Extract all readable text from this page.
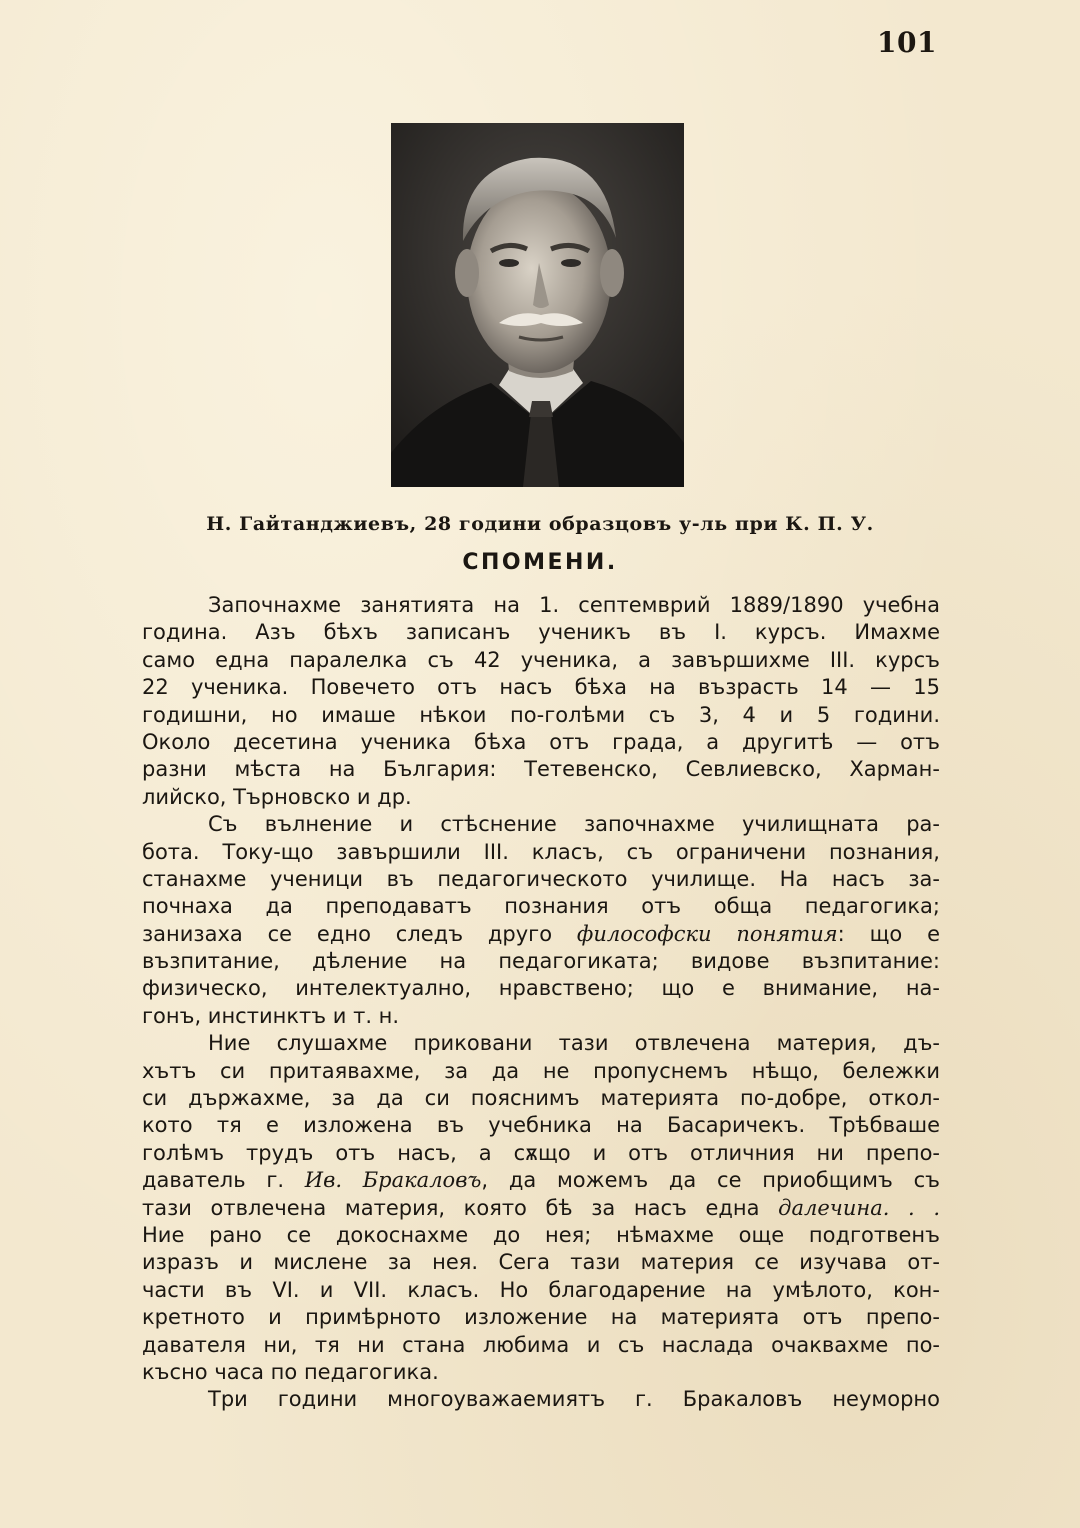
101
Н. Гайтанджиевъ, 28 години образцовъ у-ль при К. П. У.
СПОМЕНИ.
Започнахме занятията на 1. септемврий 1889/1890 учебна
година. Азъ бѣхъ записанъ ученикъ въ I. курсъ. Имахме
само една паралелка съ 42 ученика, а завършихме III. курсъ
22 ученика. Повечето отъ насъ бѣха на възрасть 14 — 15
годишни, но имаше нѣкои по-голѣми съ 3, 4 и 5 години.
Около десетина ученика бѣха отъ града, а другитѣ — отъ
разни мѣста на България: Тетевенско, Севлиевско, Харман-
лийско, Търновско и др.
Съ вълнение и стѣснение започнахме училищната ра-
бота. Току-що завършили III. класъ, съ ограничени познания,
станахме ученици въ педагогическото училище. На насъ за-
почнаха да преподаватъ познания отъ обща педагогика;
занизаха се едно следъ друго философски понятия: що е
възпитание, дѣление на педагогиката; видове възпитание:
физическо, интелектуално, нравствено; що е внимание, на-
гонъ, инстинктъ и т. н.
Ние слушахме приковани тази отвлечена материя, дъ-
хътъ си притаявахме, за да не пропуснемъ нѣщо, бележки
си държахме, за да си пояснимъ материята по-добре, откол-
кото тя е изложена въ учебника на Басаричекъ. Трѣбваше
голѣмъ трудъ отъ насъ, а сѫщо и отъ отличния ни препо-
даватель г. Ив. Бракаловъ, да можемъ да се приобщимъ съ
тази отвлечена материя, която бѣ за насъ една далечина. . .
Ние рано се докоснахме до нея; нѣмахме още подготвенъ
изразъ и мислене за нея. Сега тази материя се изучава от-
части въ VI. и VII. класъ. Но благодарение на умѣлото, кон-
кретното и примѣрното изложение на материята отъ препо-
давателя ни, тя ни стана любима и съ наслада очаквахме по-
късно часа по педагогика.
Три години многоуважаемиятъ г. Бракаловъ неуморно
